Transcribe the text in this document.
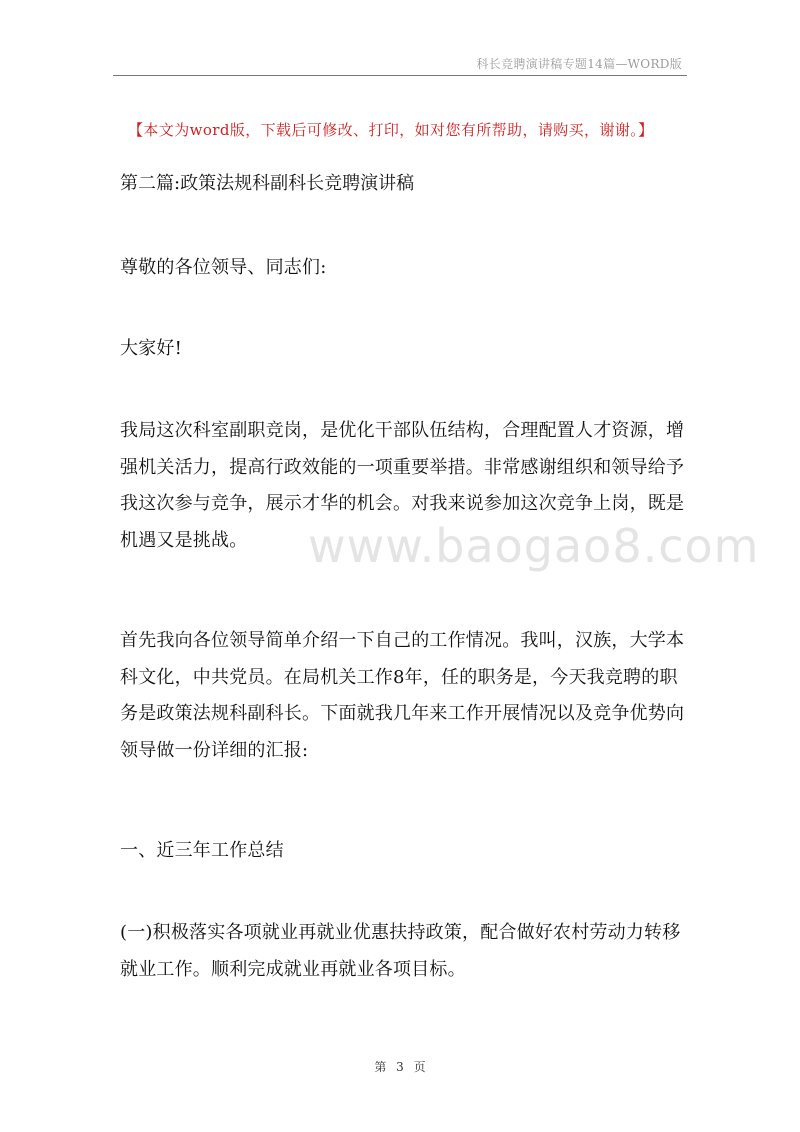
科长竞聘演讲稿专题14篇—WORD版
【本文为word版，下载后可修改、打印，如对您有所帮助，请购买，谢谢。】
第二篇:政策法规科副科长竞聘演讲稿
www.baogao8.com
尊敬的各位领导、同志们:
大家好!
我局这次科室副职竞岗，是优化干部队伍结构，合理配置人才资源，增强机关活力，提高行政效能的一项重要举措。非常感谢组织和领导给予我这次参与竞争，展示才华的机会。对我来说参加这次竞争上岗，既是机遇又是挑战。
首先我向各位领导简单介绍一下自己的工作情况。我叫，汉族，大学本科文化，中共党员。在局机关工作8年，任的职务是，今天我竞聘的职务是政策法规科副科长。下面就我几年来工作开展情况以及竞争优势向领导做一份详细的汇报:
一、近三年工作总结
(一)积极落实各项就业再就业优惠扶持政策，配合做好农村劳动力转移就业工作。顺利完成就业再就业各项目标。
第 3 页
